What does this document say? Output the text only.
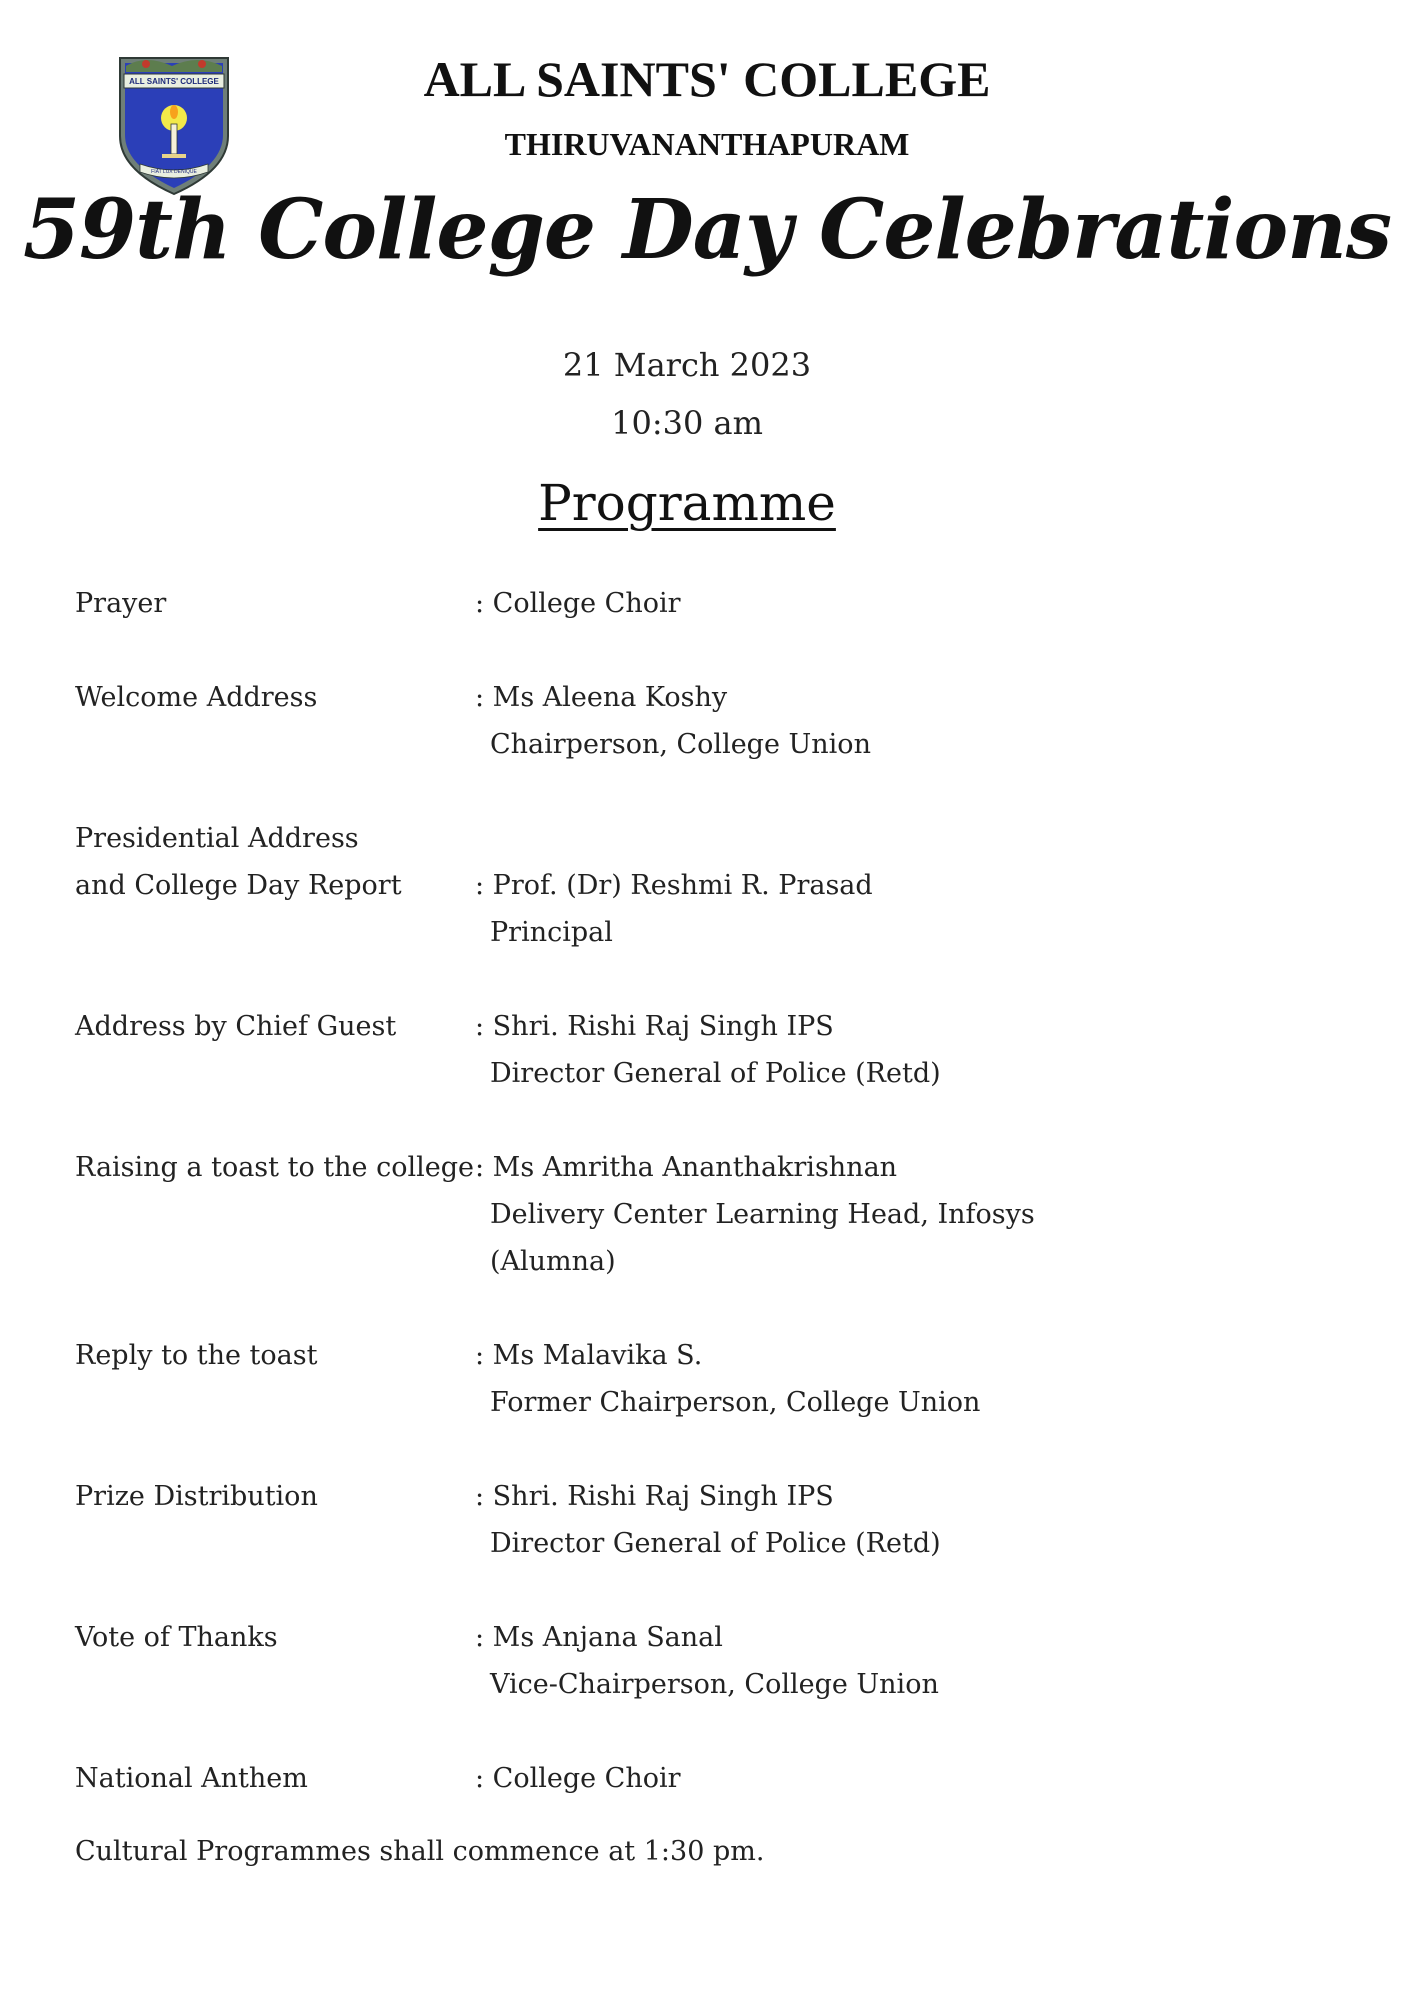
ALL SAINTS' COLLEGE
FIAT LUX DENIQUE
ALL SAINTS' COLLEGE
THIRUVANANTHAPURAM
59th College Day Celebrations
21 March 2023
10:30 am
Programme
Prayer	: College Choir
Welcome Address	: Ms Aleena Koshy
Chairperson, College Union
Presidential Address
and College Day Report
	: Prof. (Dr) Reshmi R. Prasad
Principal
Address by Chief Guest	: Shri. Rishi Raj Singh IPS
Director General of Police (Retd)
Raising a toast to the college : Ms Amritha Ananthakrishnan
Delivery Center Learning Head, Infosys
(Alumna)
Reply to the toast	: Ms Malavika S.
Former Chairperson, College Union
Prize Distribution	: Shri. Rishi Raj Singh IPS
Director General of Police (Retd)
Vote of Thanks	: Ms Anjana Sanal
Vice-Chairperson, College Union
National Anthem	: College Choir
Cultural Programmes shall commence at 1:30 pm.
